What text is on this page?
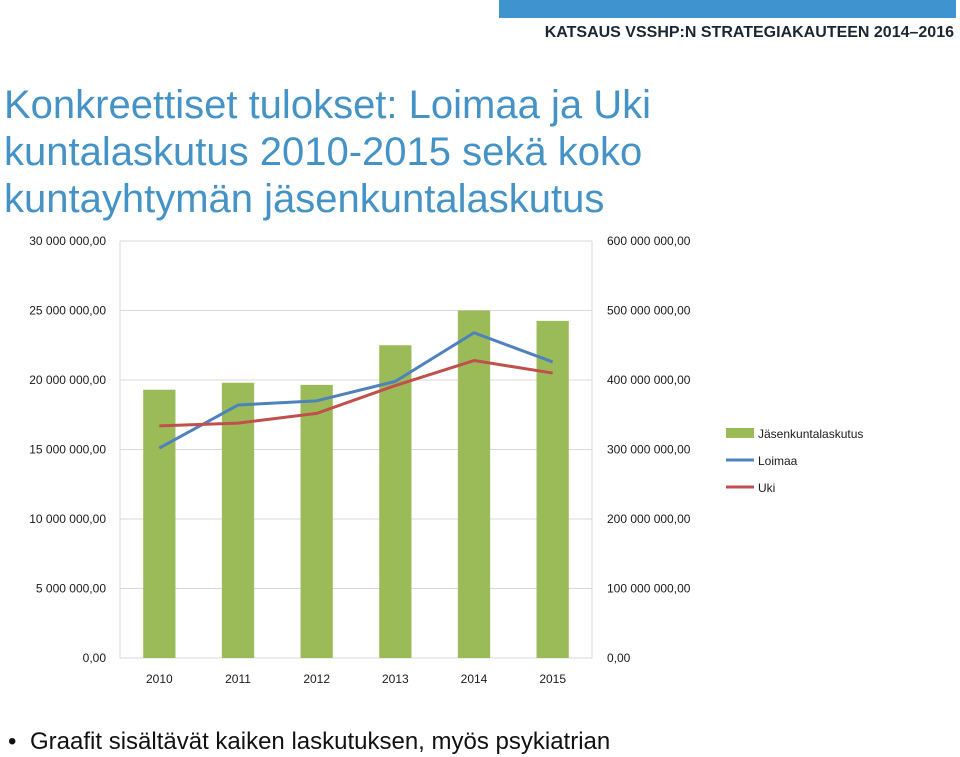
KATSAUS VSSHP:N STRATEGIAKAUTEEN 2014–2016
Konkreettiset tulokset: Loimaa ja Uki
kuntalaskutus 2010-2015 sekä koko
kuntayhtymän jäsenkuntalaskutus
0,00
5 000 000,00
10 000 000,00
15 000 000,00
20 000 000,00
25 000 000,00
30 000 000,00
0,00
100 000 000,00
200 000 000,00
300 000 000,00
400 000 000,00
500 000 000,00
600 000 000,00
2010	2011	2012	2013	2014	2015
Jäsenkuntalaskutus
Loimaa
Uki
• Graafit sisältävät kaiken laskutuksen, myös psykiatrian
